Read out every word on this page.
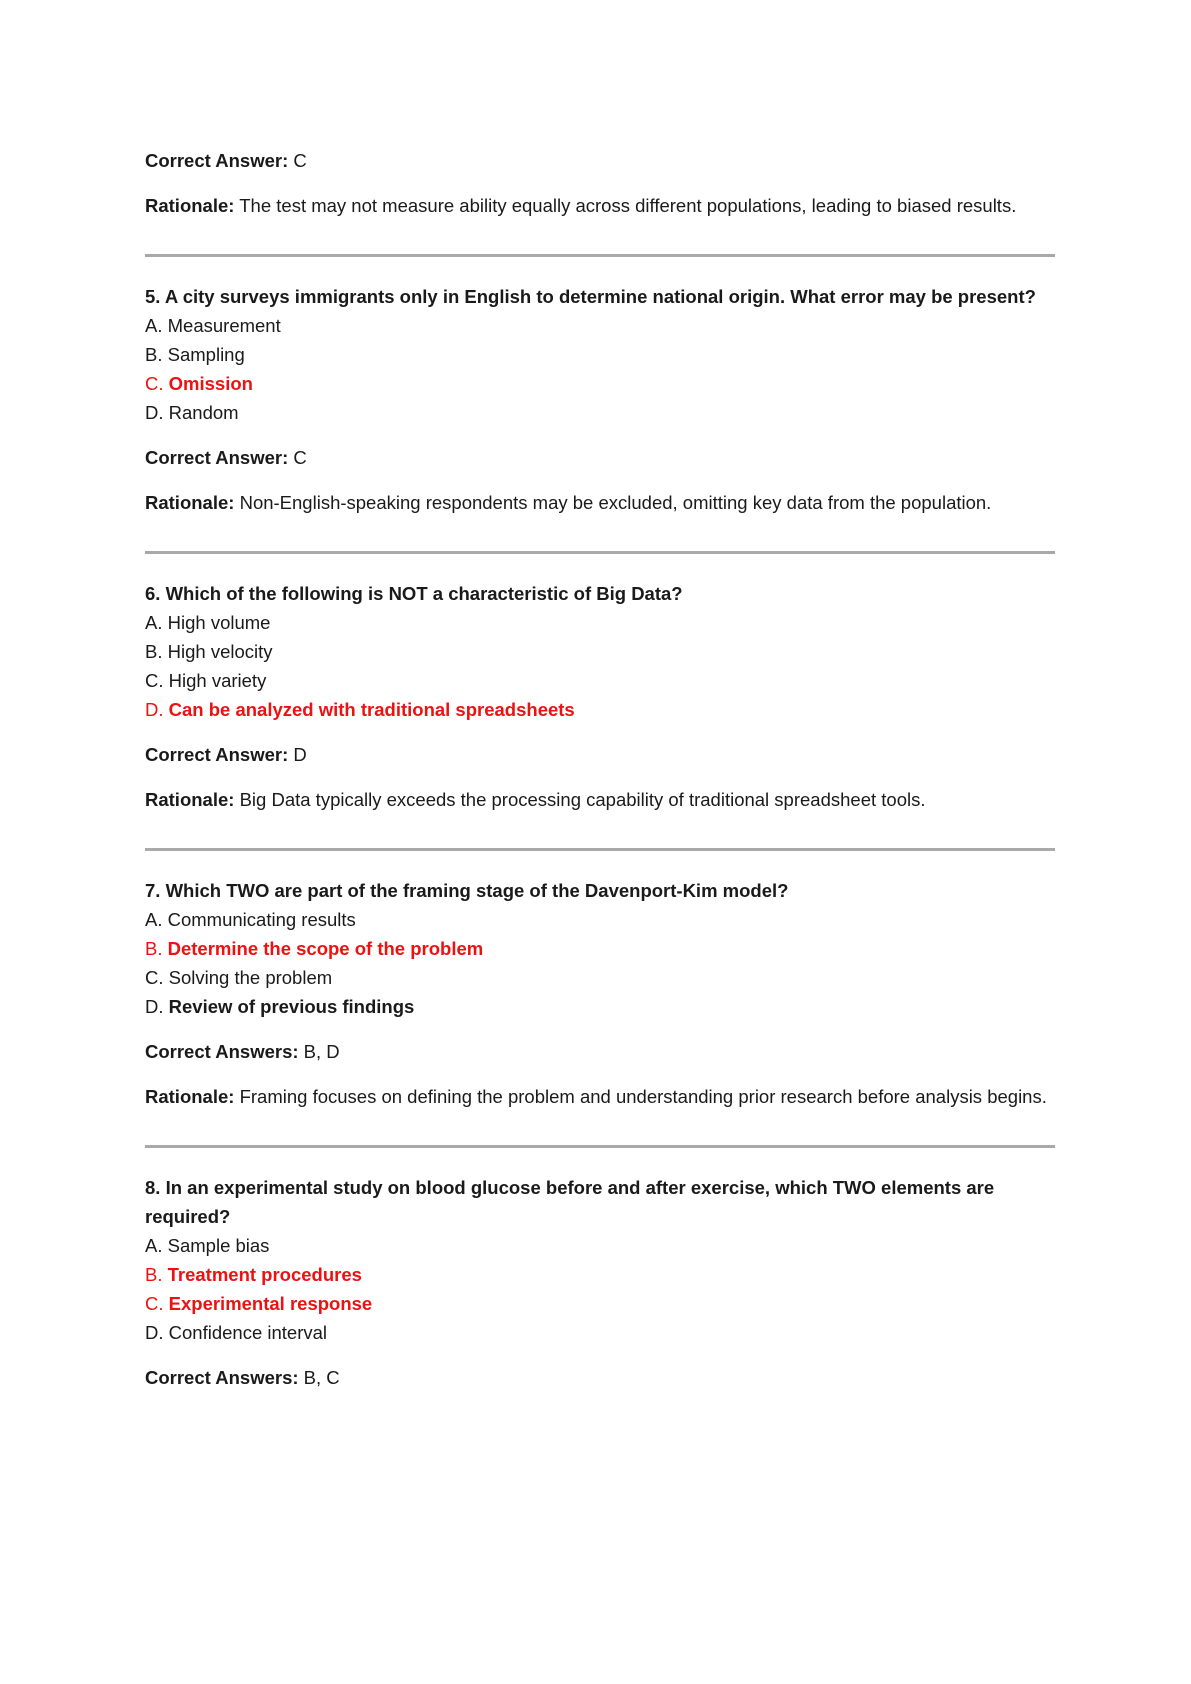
Correct Answer: C

Rationale: The test may not measure ability equally across different populations, leading to biased results.

5. A city surveys immigrants only in English to determine national origin. What error may be present?

A. Measurement

B. Sampling

C. Omission

D. Random

Correct Answer: C

Rationale: Non-English-speaking respondents may be excluded, omitting key data from the population.

6. Which of the following is NOT a characteristic of Big Data?

A. High volume

B. High velocity

C. High variety

D. Can be analyzed with traditional spreadsheets

Correct Answer: D

Rationale: Big Data typically exceeds the processing capability of traditional spreadsheet tools.

7. Which TWO are part of the framing stage of the Davenport-Kim model?

A. Communicating results

B. Determine the scope of the problem

C. Solving the problem

D. Review of previous findings

Correct Answers: B, D

Rationale: Framing focuses on defining the problem and understanding prior research before analysis begins.

8. In an experimental study on blood glucose before and after exercise, which TWO elements are required?

A. Sample bias

B. Treatment procedures

C. Experimental response

D. Confidence interval

Correct Answers: B, C
